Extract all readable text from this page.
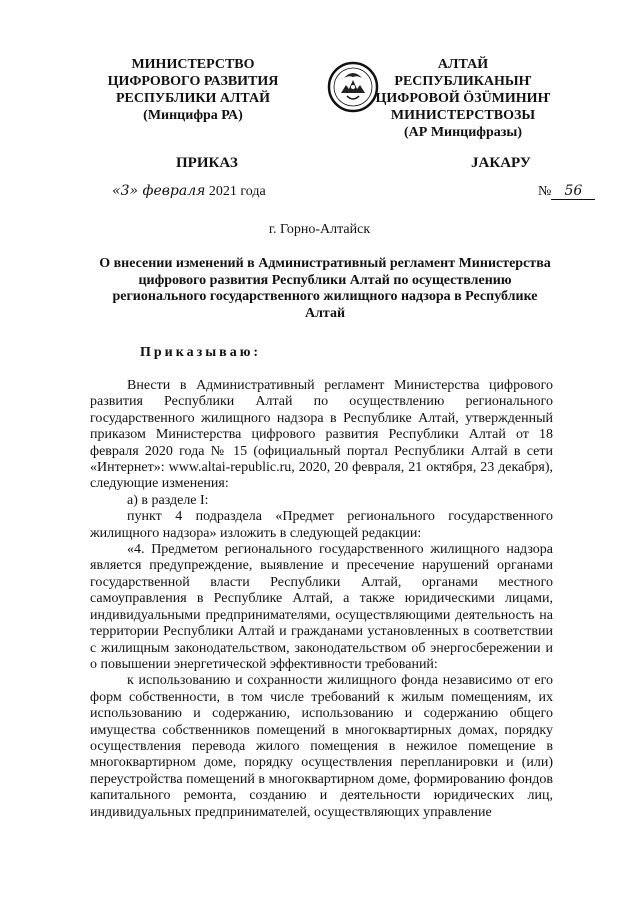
МИНИСТЕРСТВО
ЦИФРОВОГО РАЗВИТИЯ
РЕСПУБЛИКИ АЛТАЙ
(Минцифра РА)
АЛТАЙ
РЕСПУБЛИКАНЫҤ
ЦИФРОВОЙ ÖЗÜМИНИҤ
МИНИСТЕРСТВОЗЫ
(АР Минцифразы)
ПРИКАЗ	JАКАРУ
«3» февраля 2021 года	№ 56
г. Горно-Алтайск
О внесении изменений в Административный регламент Министерства цифрового развития Республики Алтай по осуществлению регионального государственного жилищного надзора в Республике Алтай
Приказываю:

Внести в Административный регламент Министерства цифрового развития Республики Алтай по осуществлению регионального государственного жилищного надзора в Республике Алтай, утвержденный приказом Министерства цифрового развития Республики Алтай от 18 февраля 2020 года № 15 (официальный портал Республики Алтай в сети «Интернет»: www.altai-republic.ru, 2020, 20 февраля, 21 октября, 23 декабря), следующие изменения:

а) в разделе I:

пункт 4 подраздела «Предмет регионального государственного жилищного надзора» изложить в следующей редакции:

«4. Предметом регионального государственного жилищного надзора является предупреждение, выявление и пресечение нарушений органами государственной власти Республики Алтай, органами местного самоуправления в Республике Алтай, а также юридическими лицами, индивидуальными предпринимателями, осуществляющими деятельность на территории Республики Алтай и гражданами установленных в соответствии с жилищным законодательством, законодательством об энергосбережении и о повышении энергетической эффективности требований:

к использованию и сохранности жилищного фонда независимо от его форм собственности, в том числе требований к жилым помещениям, их использованию и содержанию, использованию и содержанию общего имущества собственников помещений в многоквартирных домах, порядку осуществления перевода жилого помещения в нежилое помещение в многоквартирном доме, порядку осуществления перепланировки и (или) переустройства помещений в многоквартирном доме, формированию фондов капитального ремонта, созданию и деятельности юридических лиц, индивидуальных предпринимателей, осуществляющих управление
